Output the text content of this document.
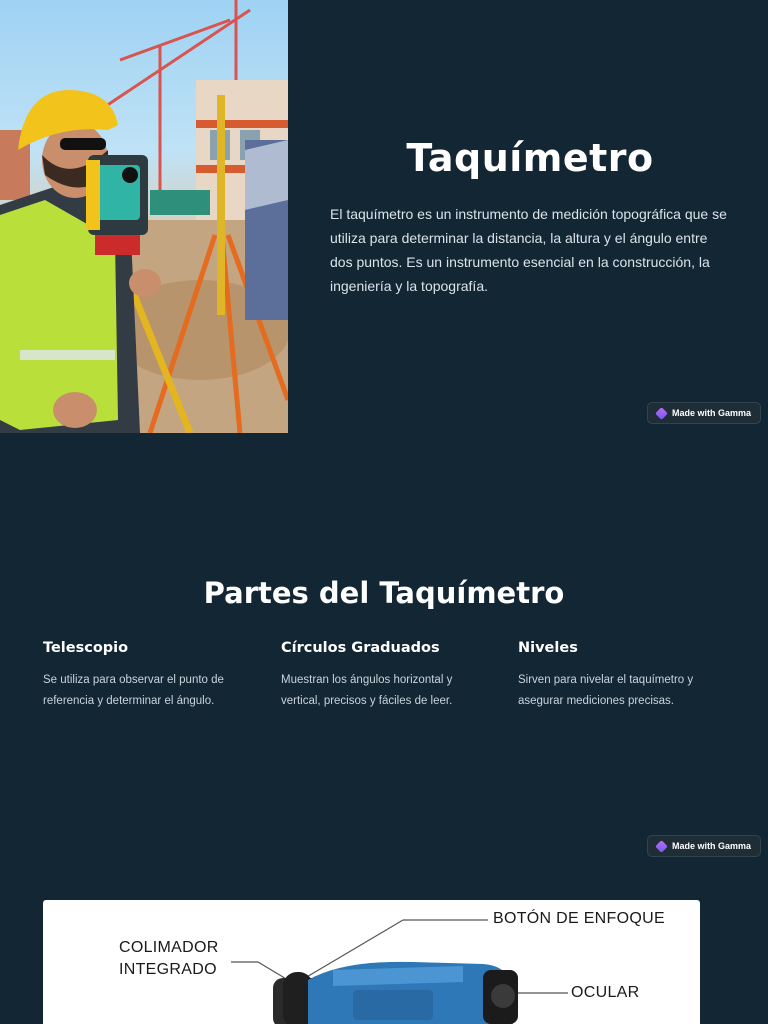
Taquímetro

El taquímetro es un instrumento de medición topográfica que se utiliza para determinar la distancia, la altura y el ángulo entre dos puntos. Es un instrumento esencial en la construcción, la ingeniería y la topografía.

Made with Gamma
Partes del Taquímetro
Telescopio

Se utiliza para observar el punto de referencia y determinar el ángulo.

Círculos Graduados

Muestran los ángulos horizontal y vertical, precisos y fáciles de leer.

Niveles

Sirven para nivelar el taquímetro y asegurar mediciones precisas.

Made with Gamma
BOTÓN DE ENFOQUE
COLIMADOR
INTEGRADO
OCULAR
